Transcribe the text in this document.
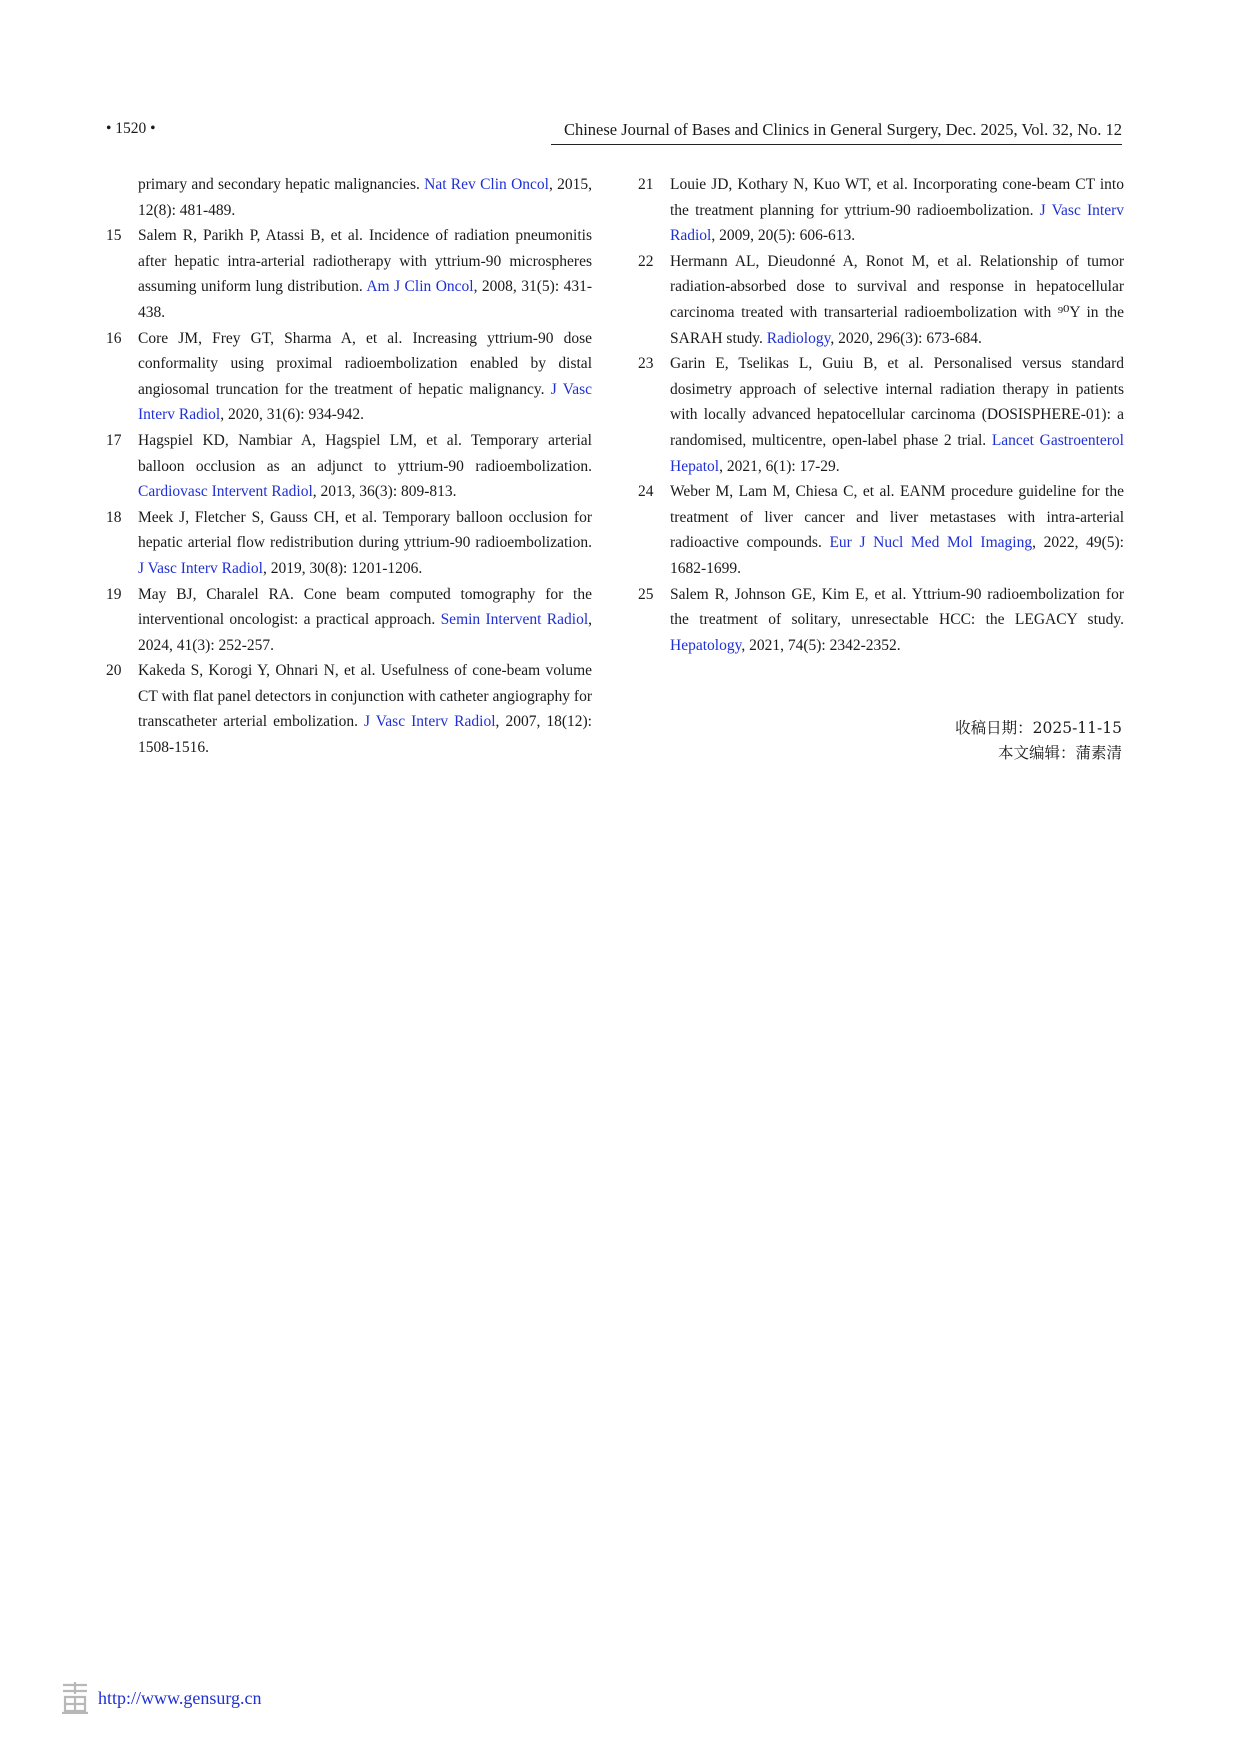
• 1520 •	Chinese Journal of Bases and Clinics in General Surgery, Dec. 2025, Vol. 32, No. 12
primary and secondary hepatic malignancies. Nat Rev Clin Oncol, 2015, 12(8): 481-489.
15 Salem R, Parikh P, Atassi B, et al. Incidence of radiation pneumonitis after hepatic intra-arterial radiotherapy with yttrium-90 microspheres assuming uniform lung distribution. Am J Clin Oncol, 2008, 31(5): 431-438.
16 Core JM, Frey GT, Sharma A, et al. Increasing yttrium-90 dose conformality using proximal radioembolization enabled by distal angiosomal truncation for the treatment of hepatic malignancy. J Vasc Interv Radiol, 2020, 31(6): 934-942.
17 Hagspiel KD, Nambiar A, Hagspiel LM, et al. Temporary arterial balloon occlusion as an adjunct to yttrium-90 radioembolization. Cardiovasc Intervent Radiol, 2013, 36(3): 809-813.
18 Meek J, Fletcher S, Gauss CH, et al. Temporary balloon occlusion for hepatic arterial flow redistribution during yttrium-90 radioembolization. J Vasc Interv Radiol, 2019, 30(8): 1201-1206.
19 May BJ, Charalel RA. Cone beam computed tomography for the interventional oncologist: a practical approach. Semin Intervent Radiol, 2024, 41(3): 252-257.
20 Kakeda S, Korogi Y, Ohnari N, et al. Usefulness of cone-beam volume CT with flat panel detectors in conjunction with catheter angiography for transcatheter arterial embolization. J Vasc Interv Radiol, 2007, 18(12): 1508-1516.
21 Louie JD, Kothary N, Kuo WT, et al. Incorporating cone-beam CT into the treatment planning for yttrium-90 radioembolization. J Vasc Interv Radiol, 2009, 20(5): 606-613.
22 Hermann AL, Dieudonné A, Ronot M, et al. Relationship of tumor radiation-absorbed dose to survival and response in hepatocellular carcinoma treated with transarterial radioembolization with ⁹⁰Y in the SARAH study. Radiology, 2020, 296(3): 673-684.
23 Garin E, Tselikas L, Guiu B, et al. Personalised versus standard dosimetry approach of selective internal radiation therapy in patients with locally advanced hepatocellular carcinoma (DOSISPHERE-01): a randomised, multicentre, open-label phase 2 trial. Lancet Gastroenterol Hepatol, 2021, 6(1): 17-29.
24 Weber M, Lam M, Chiesa C, et al. EANM procedure guideline for the treatment of liver cancer and liver metastases with intra-arterial radioactive compounds. Eur J Nucl Med Mol Imaging, 2022, 49(5): 1682-1699.
25 Salem R, Johnson GE, Kim E, et al. Yttrium-90 radioembolization for the treatment of solitary, unresectable HCC: the LEGACY study. Hepatology, 2021, 74(5): 2342-2352.
收稿日期：2025-11-15
本文编辑：蒲素清
http://www.gensurg.cn
